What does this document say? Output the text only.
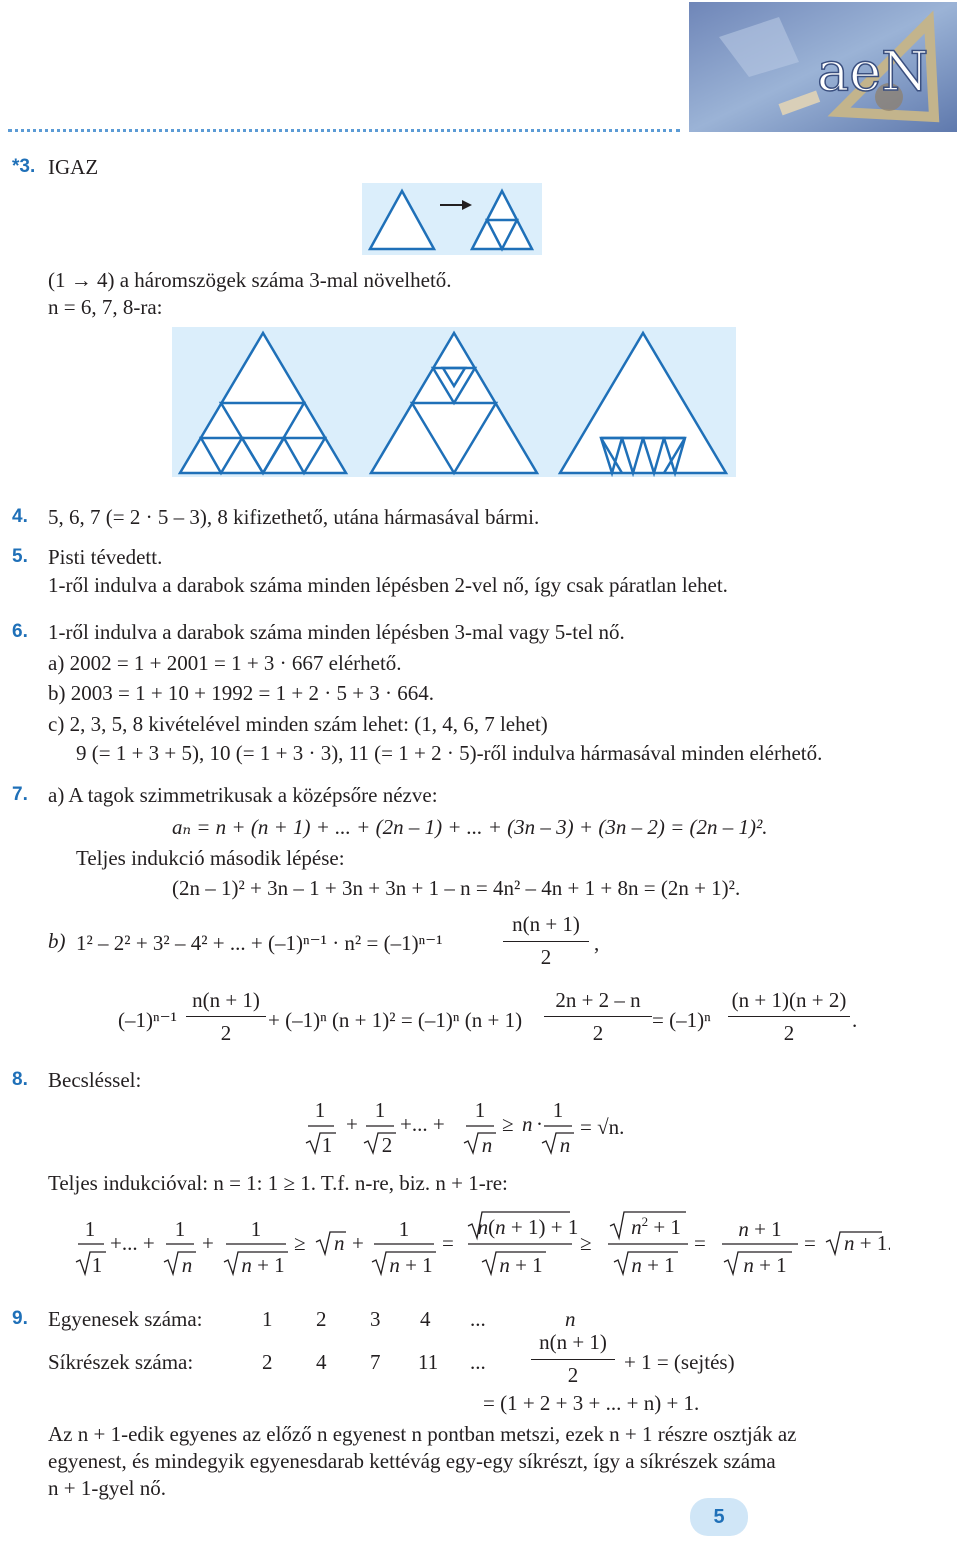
aeN
*3. IGAZ
(1 → 4) a háromszögek száma 3-mal növelhető.
n = 6, 7, 8-ra:
4. 5, 6, 7 (= 2 · 5 – 3), 8 kifizethető, utána hármasával bármi.
5. Pisti tévedett.
1-ről indulva a darabok száma minden lépésben 2-vel nő, így csak páratlan lehet.
6. 1-ről indulva a darabok száma minden lépésben 3-mal vagy 5-tel nő.
a) 2002 = 1 + 2001 = 1 + 3 · 667 elérhető.
b) 2003 = 1 + 10 + 1992 = 1 + 2 · 5 + 3 · 664.
c) 2, 3, 5, 8 kivételével minden szám lehet: (1, 4, 6, 7 lehet)
9 (= 1 + 3 + 5), 10 (= 1 + 3 · 3), 11 (= 1 + 2 · 5)-ről indulva hármasával minden elérhető.
7. a) A tagok szimmetrikusak a középsőre nézve:
aₙ = n + (n + 1) + ... + (2n – 1) + ... + (3n – 3) + (3n – 2) = (2n – 1)².
Teljes indukció második lépése:
(2n – 1)² + 3n – 1 + 3n + 3n + 1 – n = 4n² – 4n + 1 + 8n = (2n + 1)².
b) 1² – 2² + 3² – 4² + ... + (–1)ⁿ⁻¹ · n² = (–1)ⁿ⁻¹
n(n + 1)
2
,
(–1)ⁿ⁻¹
n(n + 1)
2
+ (–1)ⁿ (n + 1)² = (–1)ⁿ (n + 1)
2n + 2 – n
2
= (–1)ⁿ
(n + 1)(n + 2)
2
.
8. Becsléssel:
1
1
+
1
2
+... +
1
n
≥ n ·
1
n
= √n.
Teljes indukcióval: n = 1: 1 ≥ 1. T.f. n-re, biz. n + 1-re:
1
1
+... +
1
n
+
1
n + 1
≥ n +
1
n + 1
=
n(n + 1) + 1
n + 1
≥
$n^2 + 1$
n + 1
=
n + 1
n + 1
= n + 1.
9. Egyenesek száma:	1 2 3 4 ...	n
Síkrészek száma:	2 4 7 11 ...
n(n + 1)
2
+ 1 = (sejtés)
= (1 + 2 + 3 + ... + n) + 1.
Az n + 1-edik egyenes az előző n egyenest n pontban metszi, ezek n + 1 részre osztják az
egyenest, és mindegyik egyenesdarab kettévág egy-egy síkrészt, így a síkrészek száma
n + 1-gyel nő.
5
